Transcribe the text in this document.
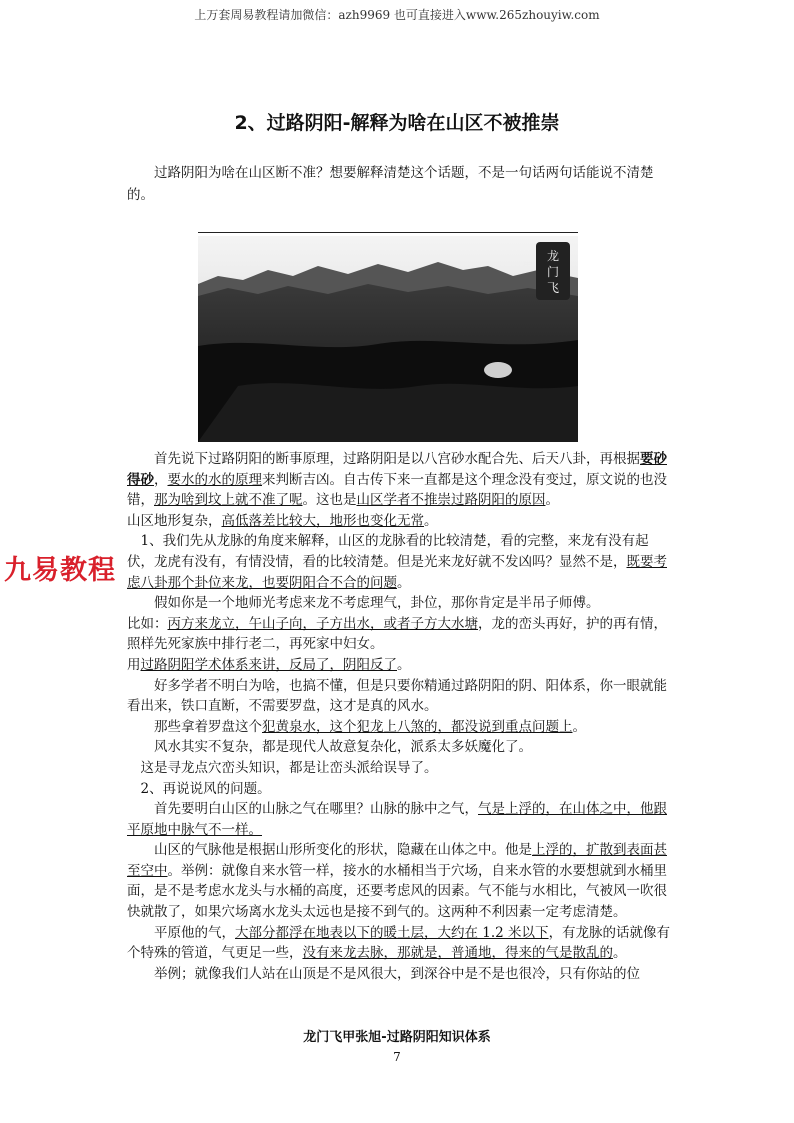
上万套周易教程请加微信：azh9969 也可直接进入www.265zhouyiw.com
2、过路阴阳-解释为啥在山区不被推崇
过路阴阳为啥在山区断不准？想要解释清楚这个话题，不是一句话两句话能说不清楚的。
龙
门
飞
甲
九易教程

首先说下过路阴阳的断事原理，过路阴阳是以八宫砂水配合先、后天八卦，再根据要砂得砂，要水的水的原理来判断吉凶。自古传下来一直都是这个理念没有变过，原文说的也没错，那为啥到坟上就不准了呢。这也是山区学者不推崇过路阴阳的原因。

山区地形复杂，高低落差比较大，地形也变化无常。

1、我们先从龙脉的角度来解释，山区的龙脉看的比较清楚，看的完整，来龙有没有起伏，龙虎有没有，有情没情，看的比较清楚。但是光来龙好就不发凶吗？显然不是，既要考虑八卦那个卦位来龙，也要阴阳合不合的问题。

假如你是一个地师光考虑来龙不考虑理气，卦位，那你肯定是半吊子师傅。

比如：丙方来龙立，午山子向，子方出水，或者子方大水塘，龙的峦头再好，护的再有情，照样先死家族中排行老二，再死家中妇女。

用过路阴阳学术体系来讲，反局了，阴阳反了。

好多学者不明白为啥，也搞不懂，但是只要你精通过路阴阳的阴、阳体系，你一眼就能看出来，铁口直断，不需要罗盘，这才是真的风水。

那些拿着罗盘这个犯黄泉水，这个犯龙上八煞的，都没说到重点问题上。

风水其实不复杂，都是现代人故意复杂化，派系太多妖魔化了。

这是寻龙点穴峦头知识，都是让峦头派给误导了。

2、再说说风的问题。

首先要明白山区的山脉之气在哪里？山脉的脉中之气，气是上浮的，在山体之中，他跟平原地中脉气不一样。

山区的气脉他是根据山形所变化的形状，隐藏在山体之中。他是上浮的，扩散到表面甚至空中。举例：就像自来水管一样，接水的水桶相当于穴场，自来水管的水要想就到水桶里面，是不是考虑水龙头与水桶的高度，还要考虑风的因素。气不能与水相比，气被风一吹很快就散了，如果穴场离水龙头太远也是接不到气的。这两种不利因素一定考虑清楚。

平原他的气，大部分都浮在地表以下的暖土层，大约在 1.2 米以下，有龙脉的话就像有个特殊的管道，气更足一些，没有来龙去脉，那就是，普通地，得来的气是散乱的。

举例；就像我们人站在山顶是不是风很大，到深谷中是不是也很冷，只有你站的位

龙门飞甲张旭-过路阴阳知识体系
7
